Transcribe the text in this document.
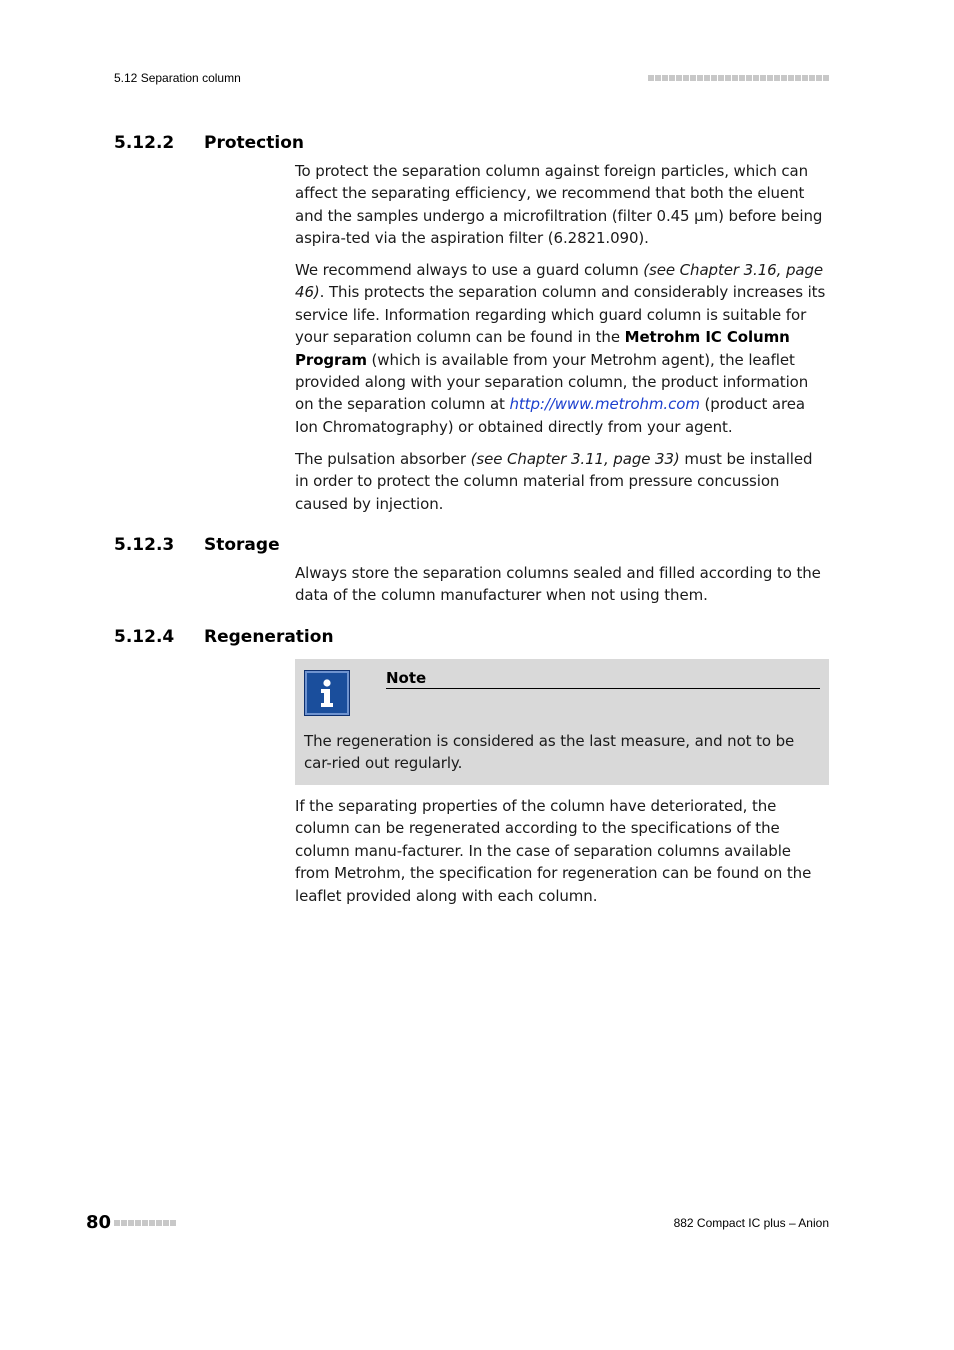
5.12 Separation column
5.12.2 Protection

To protect the separation column against foreign particles, which can affect the separating efficiency, we recommend that both the eluent and the samples undergo a microfiltration (filter 0.45 µm) before being aspira-ted via the aspiration filter (6.2821.090).

We recommend always to use a guard column (see Chapter 3.16, page 46). This protects the separation column and considerably increases its service life. Information regarding which guard column is suitable for your separation column can be found in the Metrohm IC Column Program (which is available from your Metrohm agent), the leaflet provided along with your separation column, the product information on the separation column at http://www.metrohm.com (product area Ion Chromatography) or obtained directly from your agent.

The pulsation absorber (see Chapter 3.11, page 33) must be installed in order to protect the column material from pressure concussion caused by injection.

5.12.3 Storage

Always store the separation columns sealed and filled according to the data of the column manufacturer when not using them.

5.12.4 Regeneration
Note
The regeneration is considered as the last measure, and not to be car-ried out regularly.

If the separating properties of the column have deteriorated, the column can be regenerated according to the specifications of the column manu-facturer. In the case of separation columns available from Metrohm, the specification for regeneration can be found on the leaflet provided along with each column.

80	882 Compact IC plus – Anion
